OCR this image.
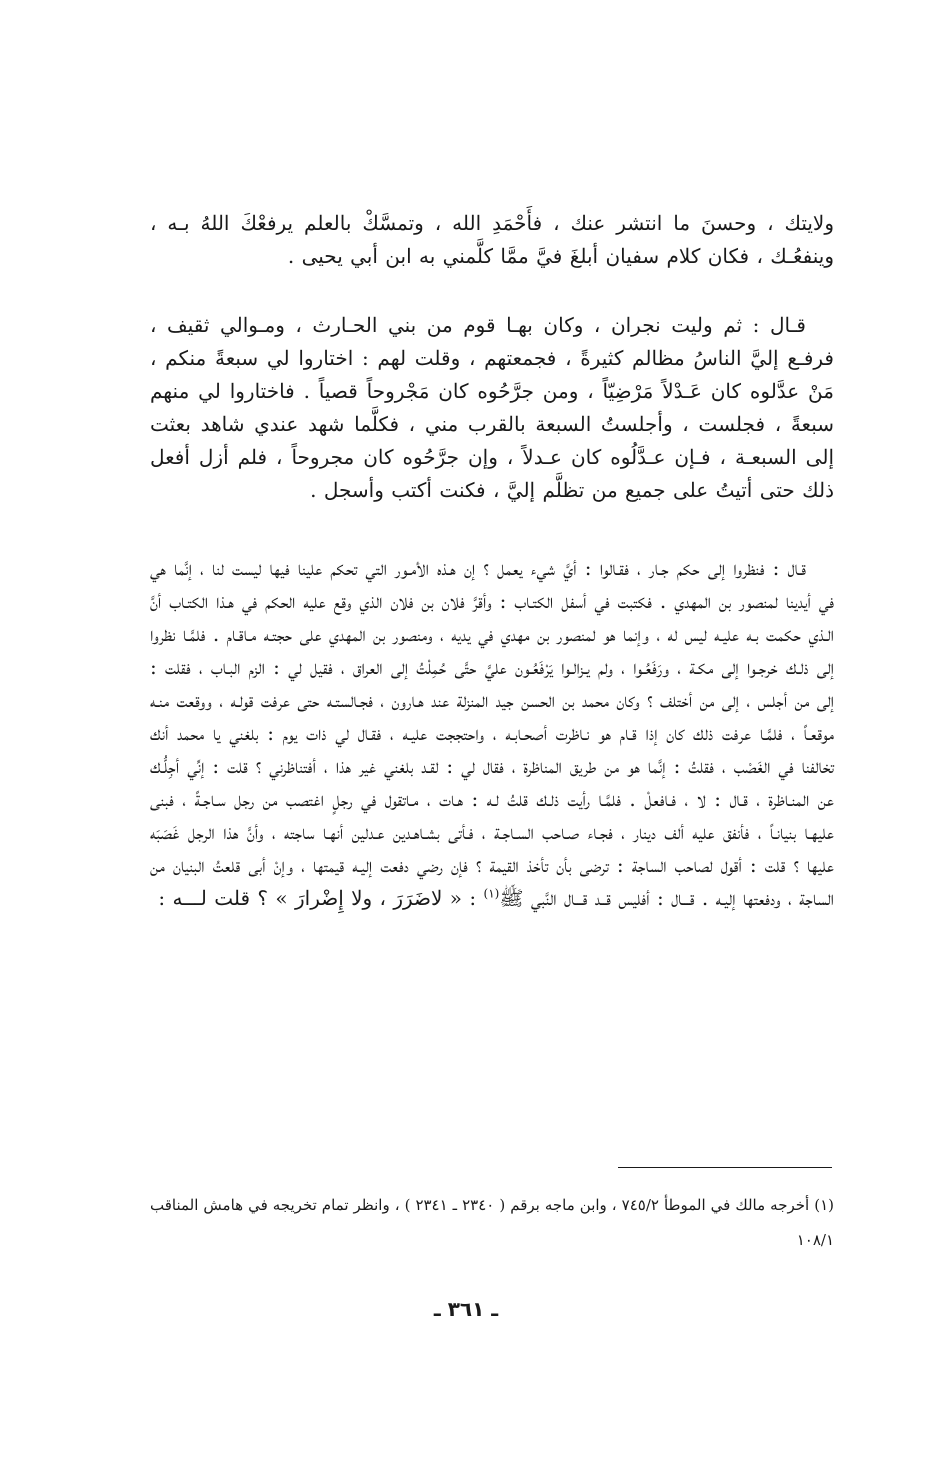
ولايتك ، وحسنَ ما انتشر عنك ، فأَحْمَدِ الله ، وتمسَّكْ بالعلم يرفعْكَ اللهُ بـه ، وينفعُـك ، فكان كلام سفيان أبلغَ فيَّ ممَّا كلَّمني به ابن أبي يحيى .

قـال : ثم وليت نجران ، وكان بهـا قوم من بني الحـارث ، ومـوالي ثقيف ، فرفـع إليَّ الناسُ مظالم كثيرةً ، فجمعتهم ، وقلت لهم : اختاروا لي سبعةً منكم ، مَنْ عدَّلوه كان عَـدْلاً مَرْضِيّاً ، ومن جرَّحُوه كان مَجْروحاً قصياً . فاختاروا لي منهم سبعةً ، فجلست ، وأجلستُ السبعة بالقرب مني ، فكلَّما شهد عندي شاهد بعثت إلى السبعـة ، فـإن عـدَّلُوه كان عـدلاً ، وإن جرَّحُوه كان مجروحاً ، فلم أزل أفعل ذلك حتى أتيتُ على جميع من تظلَّم إليَّ ، فكنت أكتب وأسجل .

قـال : فنظروا إلى حكم جـار ، فقـالوا : أيَّ شيء يعمل ؟ إن هـذه الأمـور التي تحكم علينا فيها ليست لنا ، إنَّما هي في أيدينا لمنصور بن المهدي . فكتبت في أسفل الكتـاب : وأقرَّ فلان بن فلان الذي وقع عليه الحكم في هـذا الكتـاب أنَّ الـذي حكمت بـه عليـه ليس له ، وإنما هو لمنصور بن مهدي في يديه ، ومنصور بن المهدي على حجتـه مـاقـام . فلمَّـا نظروا إلى ذلـك خرجـوا إلى مكـة ، ورَفَعُـوا ، ولم يـزالـوا يَرْفَعُـون عليَّ حتَّى حُمِلْتُ إلى العراق ، فقيل لي : الزم البـاب ، فقلت : إلى من أجلس ، إلى من أختلف ؟ وكان محمد بن الحسن جيد المنزلة عند هـارون ، فجـالستـه حتى عرفت قولـه ، ووقعت منـه موقعـاً ، فلمَّـا عرفت ذلك كان إذا قـام هو نـاظرت أصحـابـه ، واحتججت عليـه ، فقـال لي ذات يوم : بلغني يا محمد أنك تخالفنا في الغَصْب ، فقلتُ : إنَّما هو من طريق المناظرة ، فقال لي : لقـد بلغني غير هذا ، أفتناظرني ؟ قلت : إنِّي أجِلُّـك عن المنـاظرة ، قـال : لا ، فـافعلْ . فلمَّـا رأيت ذلـك قلتُ لـه : هـات ، مـاتقول في رجلٍ اغتصب من رجل سـاجـةً ، فبنى عليهـا بنيانـاً ، فأنفق عليه ألف دينار ، فجـاء صـاحب السـاجـة ، فـأتى بشـاهـدين عـدلين أنهـا ساجته ، وأنَّ هذا الرجل غَصَبَه عليها ؟ قلت : أقول لصاحب الساجة : ترضى بأن تأخذ القيمة ؟ فإن رضي دفعت إليـه قيمتها ، وإنْ أبى قلعتُ البنيان من الساجة ، ودفعتها إليـه . قـــال : أفليس قــد قـــال النَّبي ﷺ$^{(١)}$ : « لاضَرَرَ ، ولا إِضْرارَ » ؟ قلت لـــه :

(١) أخرجه مالك في الموطأ ٧٤٥/٢ ، وابن ماجه برقم ( ٢٣٤٠ ـ ٢٣٤١ ) ، وانظر تمام تخريجه في هامش المناقب ١٠٨/١

ـ ٣٦١ ـ
